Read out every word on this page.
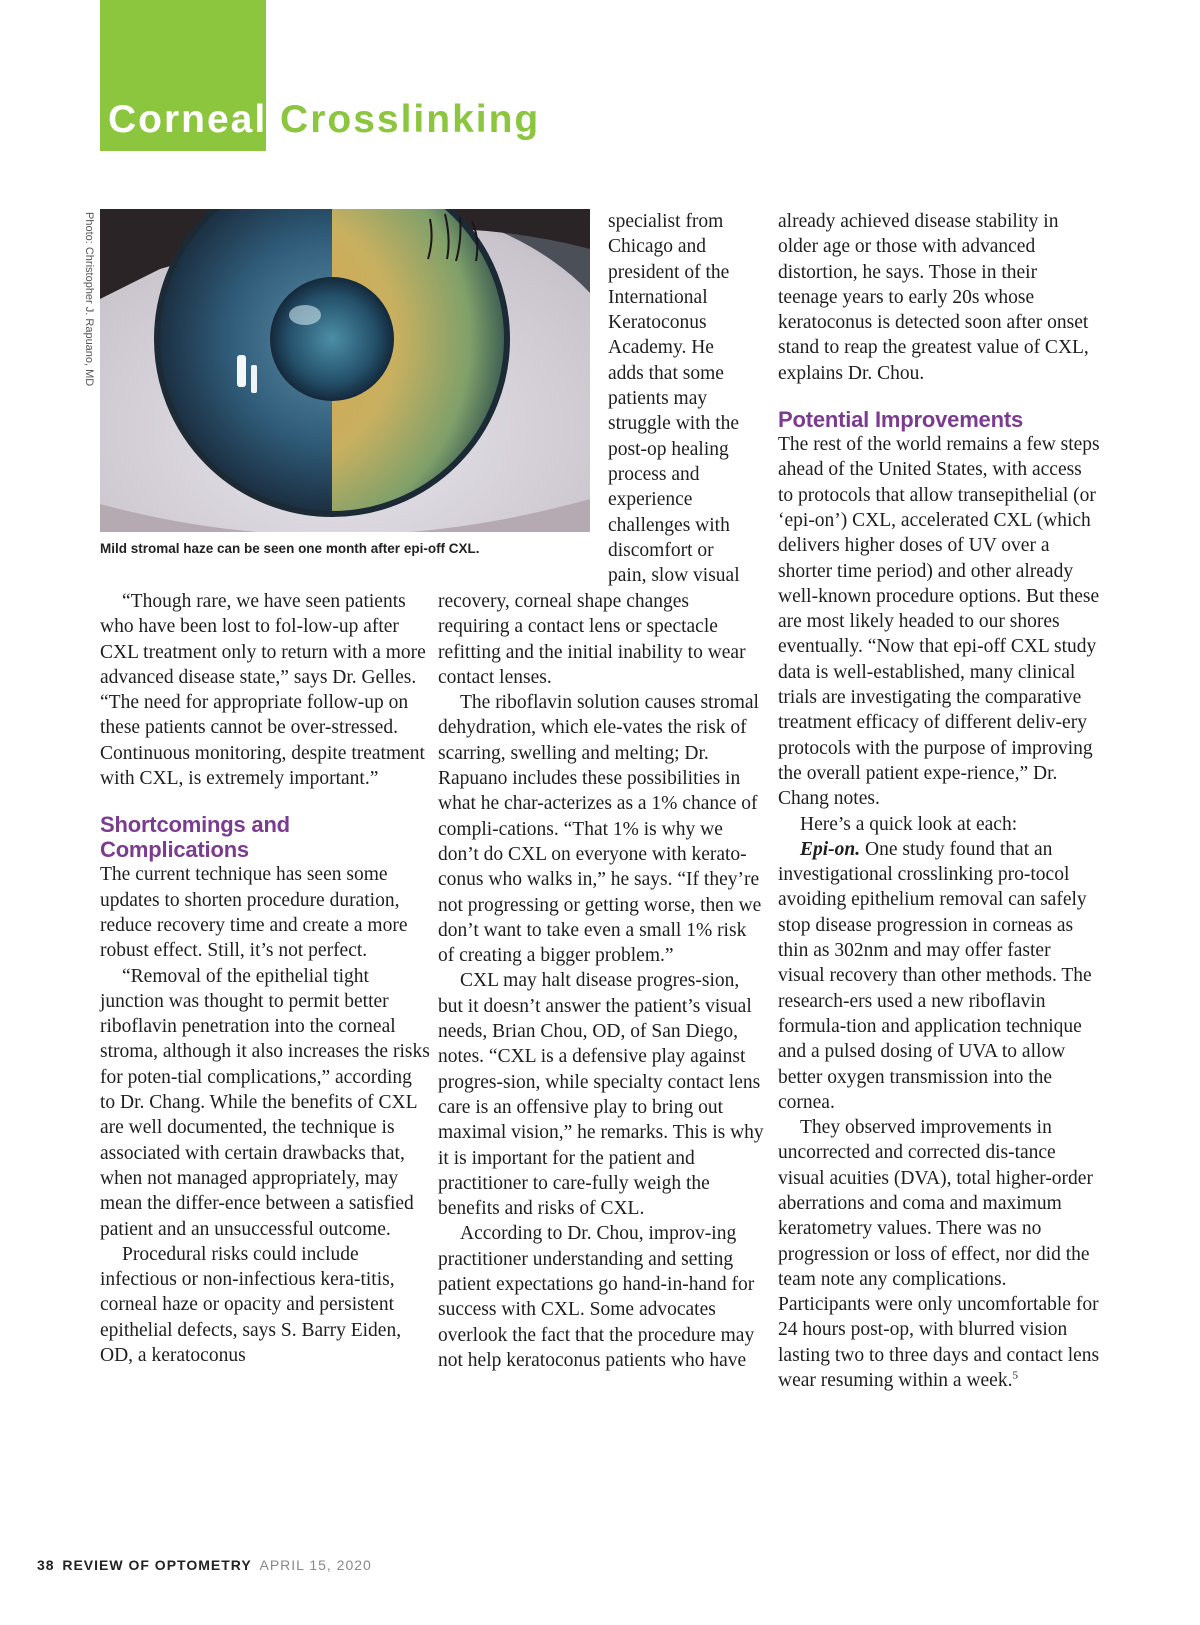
Corneal Crosslinking
Photo: Christopher J. Rapuano, MD
Mild stromal haze can be seen one month after epi-off CXL.

specialist from Chicago and president of the International Keratoconus Academy. He adds that some patients may struggle with the post-op healing process and experience challenges with discomfort or pain, slow visual

“Though rare, we have seen patients who have been lost to fol-low-up after CXL treatment only to return with a more advanced disease state,” says Dr. Gelles. “The need for appropriate follow-up on these patients cannot be over-stressed. Continuous monitoring, despite treatment with CXL, is extremely important.”

Shortcomings and Complications

The current technique has seen some updates to shorten procedure duration, reduce recovery time and create a more robust effect. Still, it’s not perfect.

“Removal of the epithelial tight junction was thought to permit better riboflavin penetration into the corneal stroma, although it also increases the risks for poten-tial complications,” according to Dr. Chang. While the benefits of CXL are well documented, the technique is associated with certain drawbacks that, when not managed appropriately, may mean the differ-ence between a satisfied patient and an unsuccessful outcome.

Procedural risks could include infectious or non-infectious kera-titis, corneal haze or opacity and persistent epithelial defects, says S. Barry Eiden, OD, a keratoconus

recovery, corneal shape changes requiring a contact lens or spectacle refitting and the initial inability to wear contact lenses.

The riboflavin solution causes stromal dehydration, which ele-vates the risk of scarring, swelling and melting; Dr. Rapuano includes these possibilities in what he char-acterizes as a 1% chance of compli-cations. “That 1% is why we don’t do CXL on everyone with kerato-conus who walks in,” he says. “If they’re not progressing or getting worse, then we don’t want to take even a small 1% risk of creating a bigger problem.”

CXL may halt disease progres-sion, but it doesn’t answer the patient’s visual needs, Brian Chou, OD, of San Diego, notes. “CXL is a defensive play against progres-sion, while specialty contact lens care is an offensive play to bring out maximal vision,” he remarks. This is why it is important for the patient and practitioner to care-fully weigh the benefits and risks of CXL.

According to Dr. Chou, improv-ing practitioner understanding and setting patient expectations go hand-in-hand for success with CXL. Some advocates overlook the fact that the procedure may not help keratoconus patients who have

already achieved disease stability in older age or those with advanced distortion, he says. Those in their teenage years to early 20s whose keratoconus is detected soon after onset stand to reap the greatest value of CXL, explains Dr. Chou.

Potential Improvements

The rest of the world remains a few steps ahead of the United States, with access to protocols that allow transepithelial (or ‘epi-on’) CXL, accelerated CXL (which delivers higher doses of UV over a shorter time period) and other already well-known procedure options. But these are most likely headed to our shores eventually. “Now that epi-off CXL study data is well-established, many clinical trials are investigating the comparative treatment efficacy of different deliv-ery protocols with the purpose of improving the overall patient expe-rience,” Dr. Chang notes.

Here’s a quick look at each:

Epi-on. One study found that an investigational crosslinking pro-tocol avoiding epithelium removal can safely stop disease progression in corneas as thin as 302nm and may offer faster visual recovery than other methods. The research-ers used a new riboflavin formula-tion and application technique and a pulsed dosing of UVA to allow better oxygen transmission into the cornea.

They observed improvements in uncorrected and corrected dis-tance visual acuities (DVA), total higher-order aberrations and coma and maximum keratometry values. There was no progression or loss of effect, nor did the team note any complications. Participants were only uncomfortable for 24 hours post-op, with blurred vision lasting two to three days and contact lens wear resuming within a week.$^5$

38 REVIEW OF OPTOMETRY APRIL 15, 2020
